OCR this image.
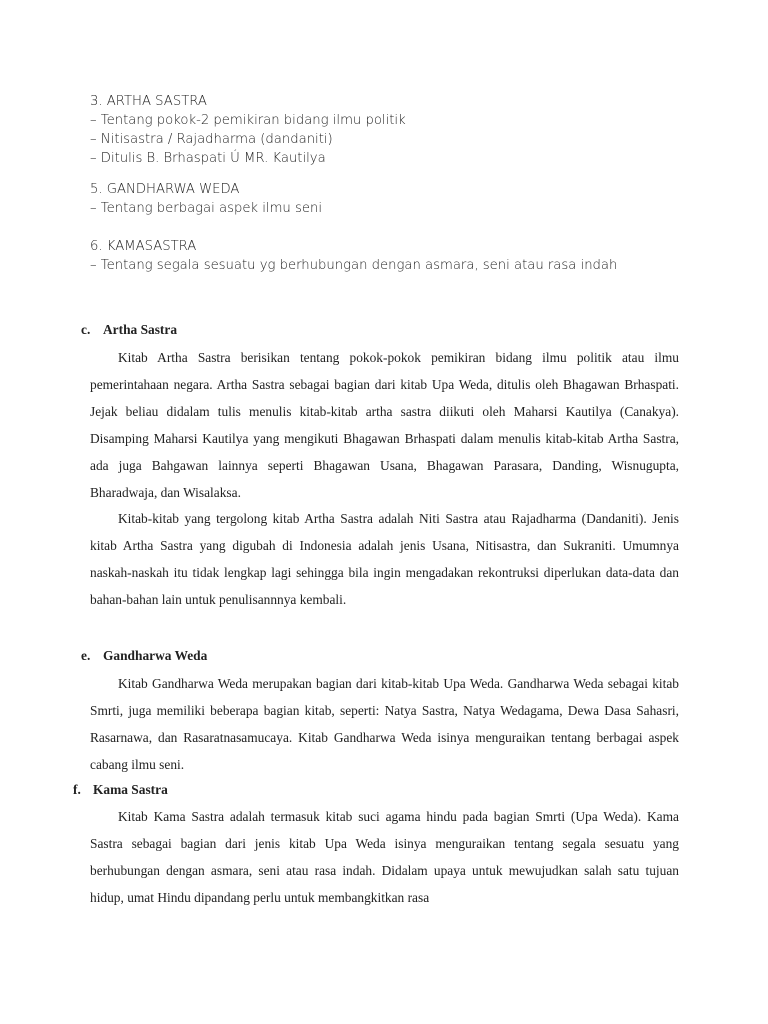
3. ARTHA SASTRA

– Tentang pokok-2 pemikiran bidang ilmu politik

– Nitisastra / Rajadharma (dandaniti)

– Ditulis B. Brhaspati Ú MR. Kautilya

5. GANDHARWA WEDA

– Tentang berbagai aspek ilmu seni

6. KAMASASTRA

– Tentang segala sesuatu yg berhubungan dengan asmara, seni atau rasa indah

c. Artha Sastra

Kitab Artha Sastra berisikan tentang pokok-pokok pemikiran bidang ilmu politik atau ilmu pemerintahaan negara. Artha Sastra sebagai bagian dari kitab Upa Weda, ditulis oleh Bhagawan Brhaspati. Jejak beliau didalam tulis menulis kitab-kitab artha sastra diikuti oleh Maharsi Kautilya (Canakya). Disamping Maharsi Kautilya yang mengikuti Bhagawan Brhaspati dalam menulis kitab-kitab Artha Sastra, ada juga Bahgawan lainnya seperti Bhagawan Usana, Bhagawan Parasara, Danding, Wisnugupta, Bharadwaja, dan Wisalaksa.

Kitab-kitab yang tergolong kitab Artha Sastra adalah Niti Sastra atau Rajadharma (Dandaniti). Jenis kitab Artha Sastra yang digubah di Indonesia adalah jenis Usana, Nitisastra, dan Sukraniti. Umumnya naskah-naskah itu tidak lengkap lagi sehingga bila ingin mengadakan rekontruksi diperlukan data-data dan bahan-bahan lain untuk penulisannnya kembali.

e. Gandharwa Weda

Kitab Gandharwa Weda merupakan bagian dari kitab-kitab Upa Weda. Gandharwa Weda sebagai kitab Smrti, juga memiliki beberapa bagian kitab, seperti: Natya Sastra, Natya Wedagama, Dewa Dasa Sahasri, Rasarnawa, dan Rasaratnasamucaya. Kitab Gandharwa Weda isinya menguraikan tentang berbagai aspek cabang ilmu seni.

f. Kama Sastra

Kitab Kama Sastra adalah termasuk kitab suci agama hindu pada bagian Smrti (Upa Weda). Kama Sastra sebagai bagian dari jenis kitab Upa Weda isinya menguraikan tentang segala sesuatu yang berhubungan dengan asmara, seni atau rasa indah. Didalam upaya untuk mewujudkan salah satu tujuan hidup, umat Hindu dipandang perlu untuk membangkitkan rasa
